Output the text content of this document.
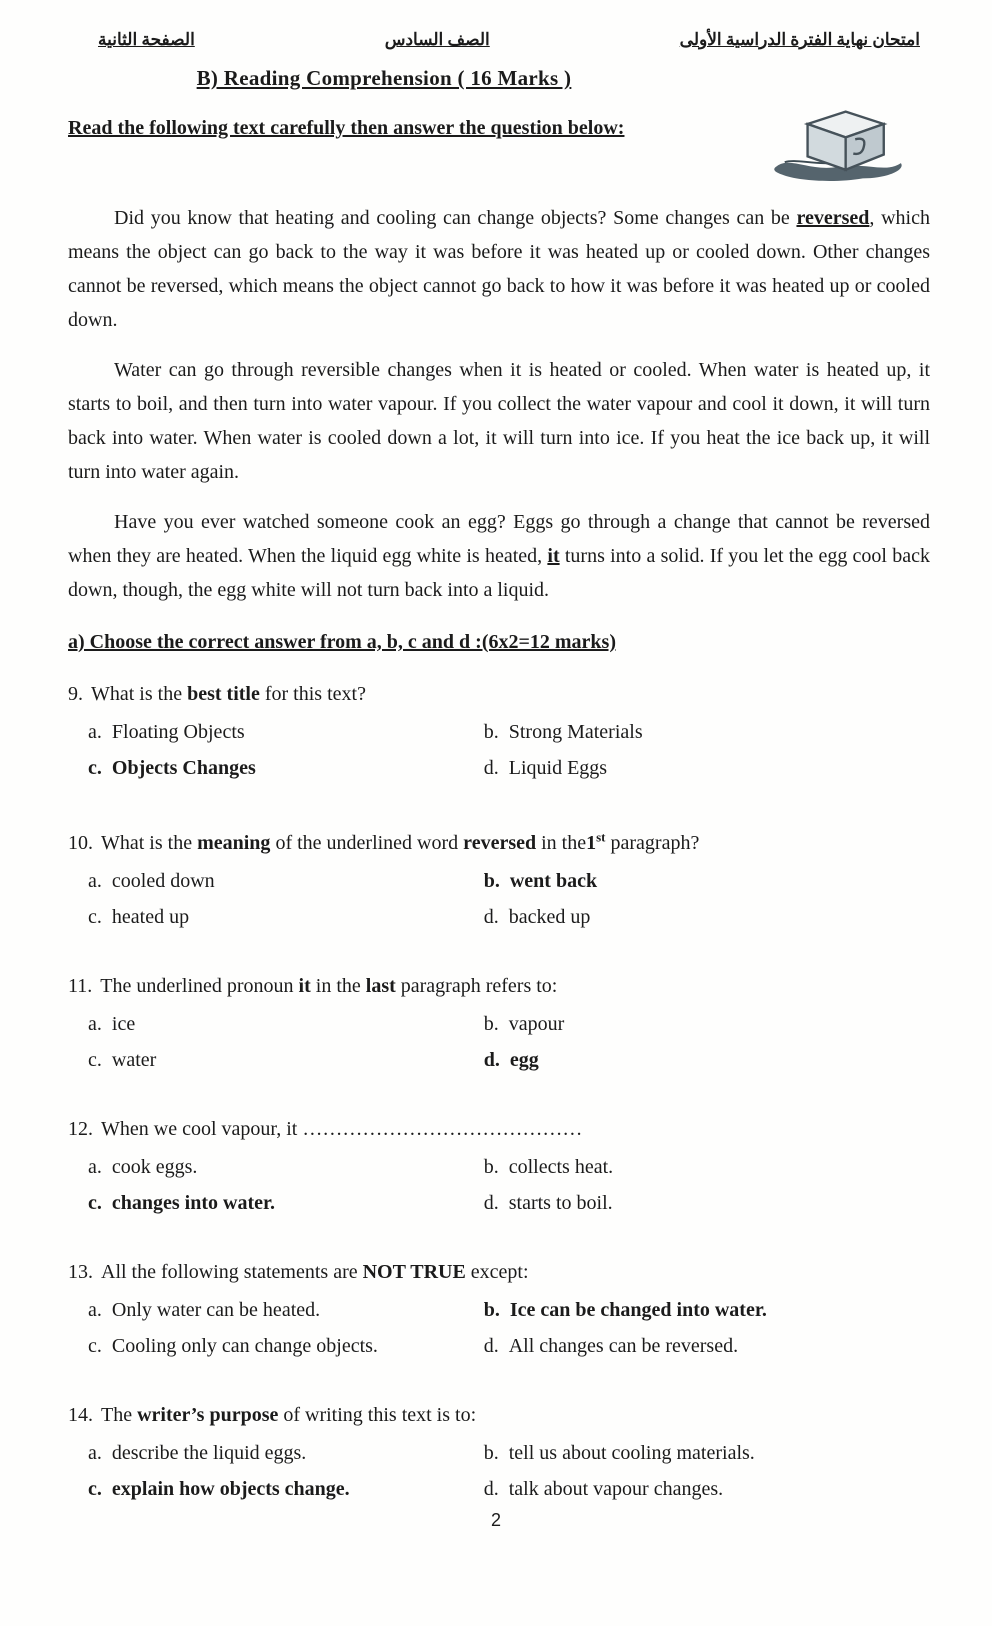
امتحان نهاية الفترة الدراسية الأولى
الصف السادس
الصفحة الثانية
B) Reading Comprehension ( 16 Marks )
Read the following text carefully then answer the question below:

Did you know that heating and cooling can change objects? Some changes can be reversed, which means the object can go back to the way it was before it was heated up or cooled down. Other changes cannot be reversed, which means the object cannot go back to how it was before it was heated up or cooled down.

Water can go through reversible changes when it is heated or cooled. When water is heated up, it starts to boil, and then turn into water vapour. If you collect the water vapour and cool it down, it will turn back into water. When water is cooled down a lot, it will turn into ice. If you heat the ice back up, it will turn into water again.

Have you ever watched someone cook an egg? Eggs go through a change that cannot be reversed when they are heated. When the liquid egg white is heated, it turns into a solid. If you let the egg cool back down, though, the egg white will not turn back into a liquid.

a) Choose the correct answer from a, b, c and d :(6x2=12 marks)
9. What is the best title for this text?
a. Floating Objects	b. Strong Materials
c. Objects Changes	d. Liquid Eggs
10. What is the meaning of the underlined word reversed in the1st paragraph?
a. cooled down	b. went back
c. heated up	d. backed up
11. The underlined pronoun it in the last paragraph refers to:
a. ice	b. vapour
c. water	d. egg
12. When we cool vapour, it ……………………………………
a. cook eggs.	b. collects heat.
c. changes into water.	d. starts to boil.
13. All the following statements are NOT TRUE except:
a. Only water can be heated.	b. Ice can be changed into water.
c. Cooling only can change objects.	d. All changes can be reversed.
14. The writer’s purpose of writing this text is to:
a. describe the liquid eggs.	b. tell us about cooling materials.
c. explain how objects change.	d. talk about vapour changes.
2
